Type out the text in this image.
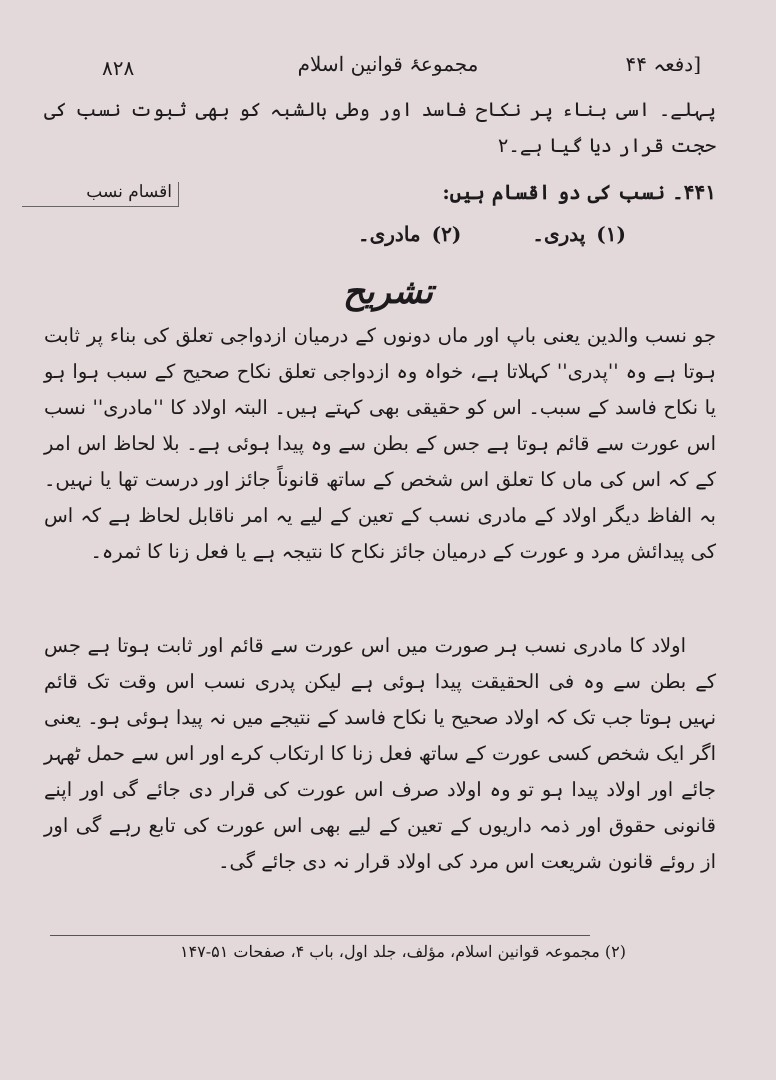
۸۲۸	مجموعۂ قوانین اسلام	[دفعہ ۴۴
پہلے۔ اسی بناء پر نکاح فاسد اور وطی بالشبہ کو بھی ثبوت نسب کی حجت قرار دیا گیا ہے۔۲
اقسام نسب	۴۴۱۔ نسب کی دو اقسام ہیں:
(۱) پدری۔ (۲) مادری۔
تشریح
جو نسب والدین یعنی باپ اور ماں دونوں کے درمیان ازدواجی تعلق کی بناء پر ثابت ہوتا ہے وہ ''پدری'' کہلاتا ہے، خواہ وہ ازدواجی تعلق نکاح صحیح کے سبب ہوا ہو یا نکاح فاسد کے سبب۔ اس کو حقیقی بھی کہتے ہیں۔ البتہ اولاد کا ''مادری'' نسب اس عورت سے قائم ہوتا ہے جس کے بطن سے وہ پیدا ہوئی ہے۔ بلا لحاظ اس امر کے کہ اس کی ماں کا تعلق اس شخص کے ساتھ قانوناً جائز اور درست تھا یا نہیں۔ بہ الفاظ دیگر اولاد کے مادری نسب کے تعین کے لیے یہ امر ناقابل لحاظ ہے کہ اس کی پیدائش مرد و عورت کے درمیان جائز نکاح کا نتیجہ ہے یا فعل زنا کا ثمرہ۔
اولاد کا مادری نسب ہر صورت میں اس عورت سے قائم اور ثابت ہوتا ہے جس کے بطن سے وہ فی الحقیقت پیدا ہوئی ہے لیکن پدری نسب اس وقت تک قائم نہیں ہوتا جب تک کہ اولاد صحیح یا نکاح فاسد کے نتیجے میں نہ پیدا ہوئی ہو۔ یعنی اگر ایک شخص کسی عورت کے ساتھ فعل زنا کا ارتکاب کرے اور اس سے حمل ٹھہر جائے اور اولاد پیدا ہو تو وہ اولاد صرف اس عورت کی قرار دی جائے گی اور اپنے قانونی حقوق اور ذمہ داریوں کے تعین کے لیے بھی اس عورت کی تابع رہے گی اور از روئے قانون شریعت اس مرد کی اولاد قرار نہ دی جائے گی۔
(۲) مجموعہ قوانین اسلام، مؤلف، جلد اول، باب ۴، صفحات ۵۱-۱۴۷
